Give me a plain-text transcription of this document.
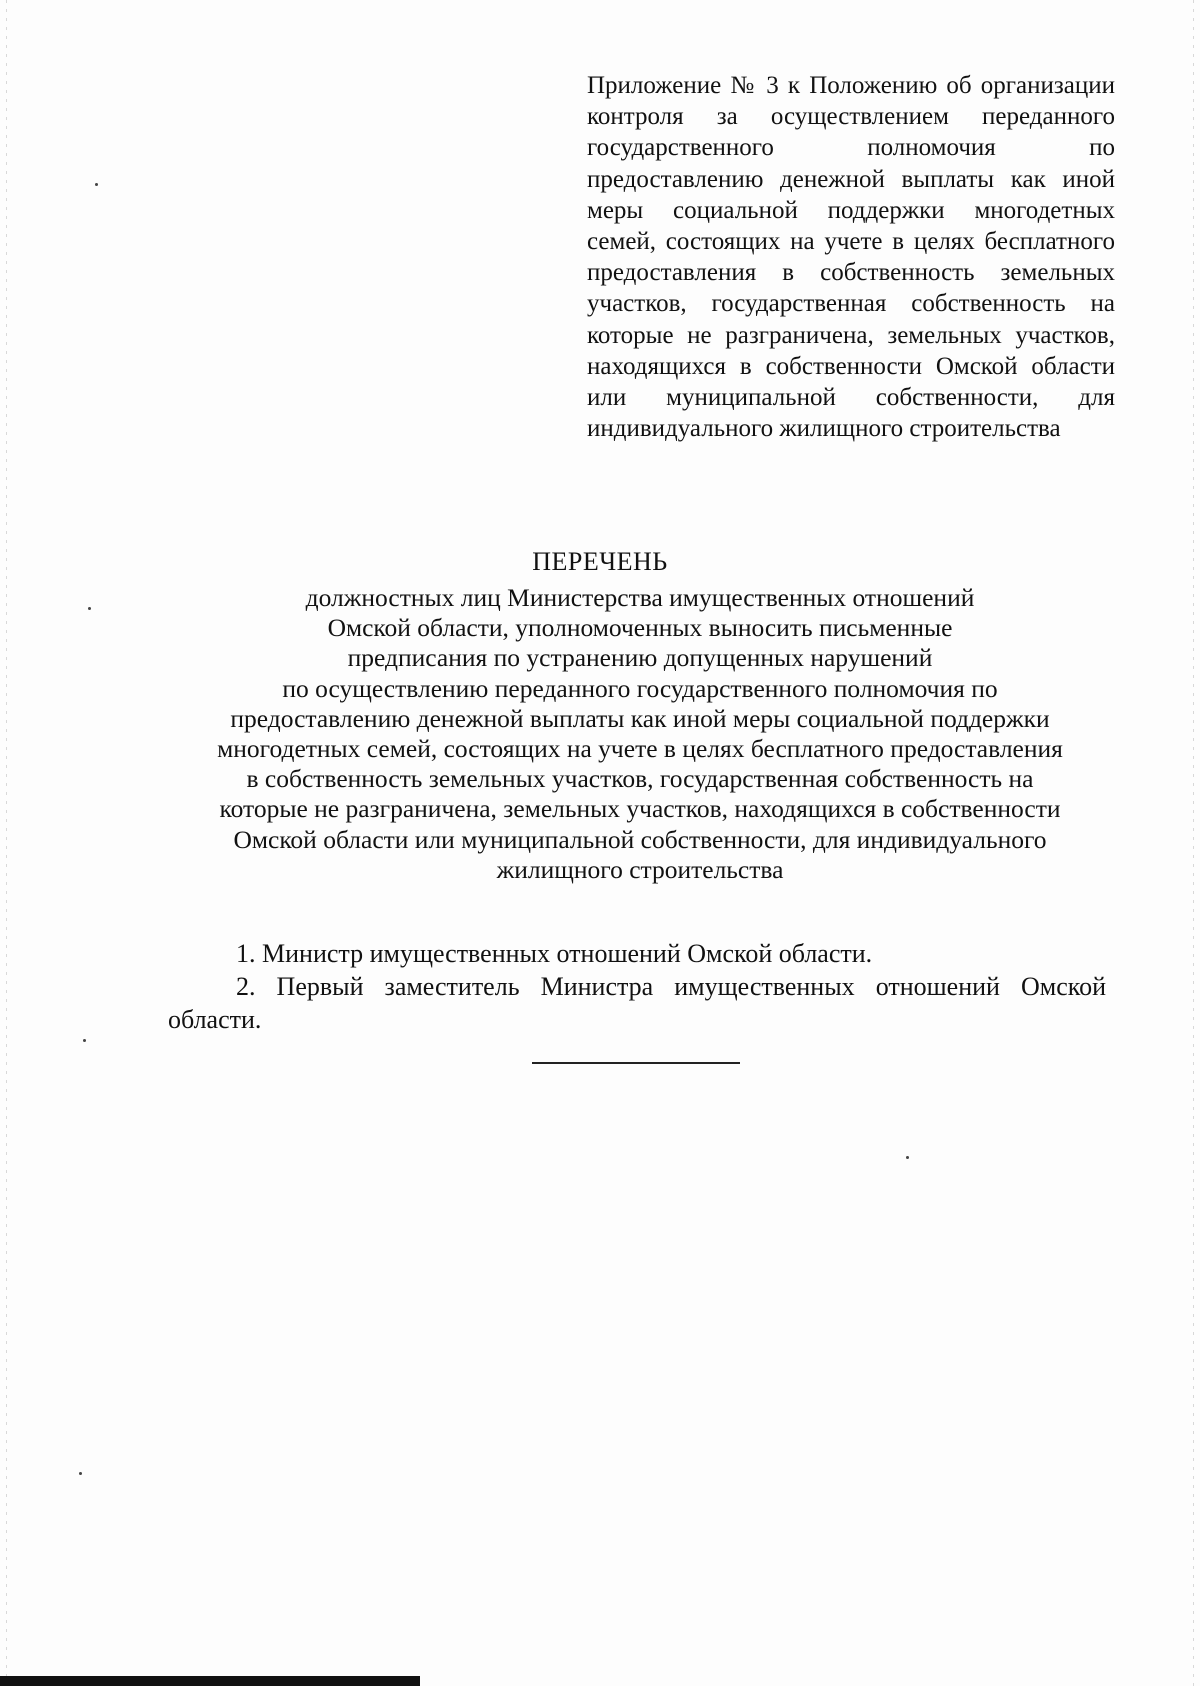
Приложение № 3 к Положению об организации контроля за осуществлением переданного государственного полномочия по предоставлению денежной выплаты как иной меры социальной поддержки многодетных семей, состоящих на учете в целях бесплатного предоставления в собственность земельных участков, государственная собственность на которые не разграничена, земельных участков, находящихся в собственности Омской области или муниципальной собственности, для индивидуального жилищного строительства
ПЕРЕЧЕНЬ
должностных лиц Министерства имущественных отношений
Омской области, уполномоченных выносить письменные
предписания по устранению допущенных нарушений
по осуществлению переданного государственного полномочия по
предоставлению денежной выплаты как иной меры социальной поддержки
многодетных семей, состоящих на учете в целях бесплатного предоставления
в собственность земельных участков, государственная собственность на
которые не разграничена, земельных участков, находящихся в собственности
Омской области или муниципальной собственности, для индивидуального
жилищного строительства

1. Министр имущественных отношений Омской области.

2. Первый заместитель Министра имущественных отношений Омской области.
